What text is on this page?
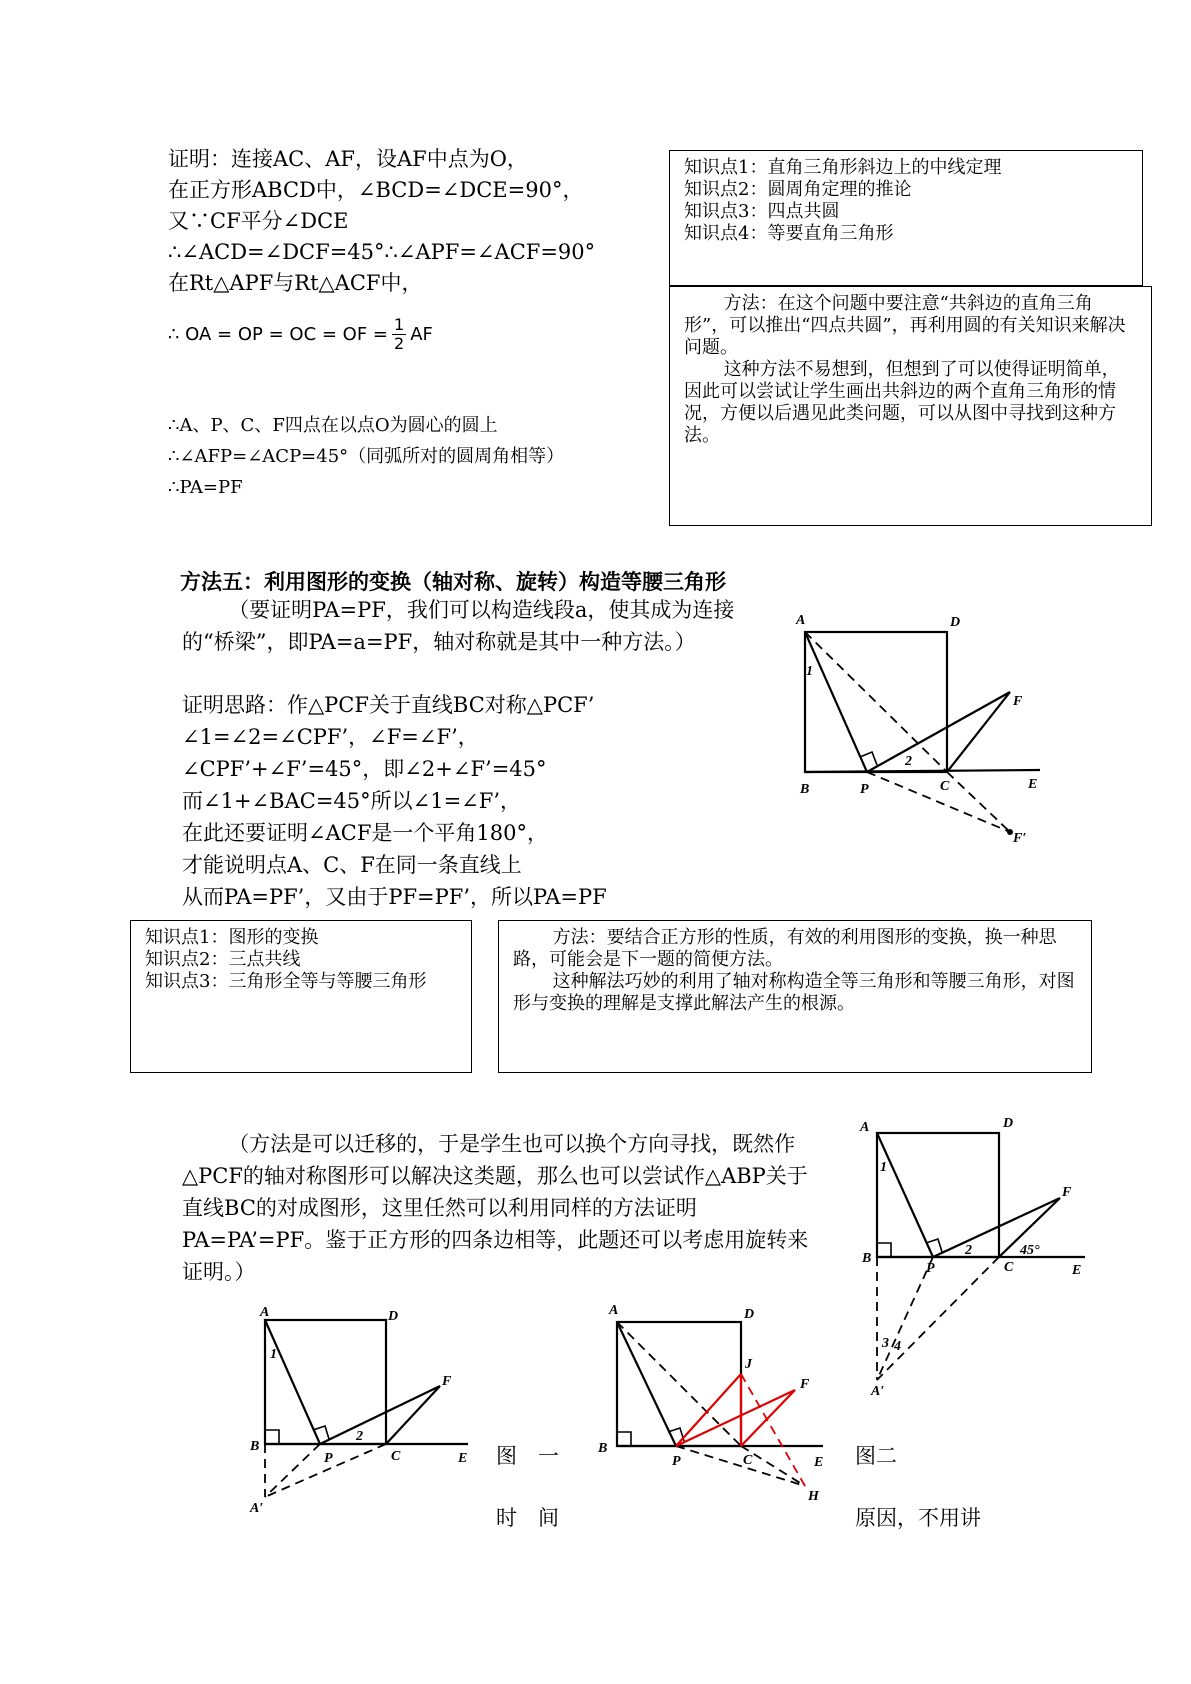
证明：连接AC、AF，设AF中点为O，
在正方形ABCD中，∠BCD=∠DCE=90°，
又∵CF平分∠DCE
∴∠ACD=∠DCF=45°∴∠APF=∠ACF=90°
在Rt△APF与Rt△ACF中，
∴ OA = OP = OC = OF = $\frac{1}{2}$ AF
∴A、P、C、F四点在以点O为圆心的圆上
∴∠AFP=∠ACP=45°（同弧所对的圆周角相等）
∴PA=PF
知识点1：直角三角形斜边上的中线定理
知识点2：圆周角定理的推论
知识点3：四点共圆
知识点4：等要直角三角形
方法：在这个问题中要注意“共斜边的直角三角形”，可以推出“四点共圆”，再利用圆的有关知识来解决问题。
这种方法不易想到，但想到了可以使得证明简单，因此可以尝试让学生画出共斜边的两个直角三角形的情况，方便以后遇见此类问题，可以从图中寻找到这种方法。
方法五：利用图形的变换（轴对称、旋转）构造等腰三角形
（要证明PA=PF，我们可以构造线段a，使其成为连接的“桥梁”，即PA=a=PF，轴对称就是其中一种方法。）
证明思路：作△PCF关于直线BC对称△PCF’
∠1=∠2=∠CPF’，∠F=∠F’，
∠CPF’+∠F’=45°，即∠2+∠F’=45°
而∠1+∠BAC=45°所以∠1=∠F’，
在此还要证明∠ACF是一个平角180°，
才能说明点A、C、F在同一条直线上
从而PA=PF’，又由于PF=PF’，所以PA=PF
A	D
F
B	P	C	E
F′
1
2
知识点1：图形的变换
知识点2：三点共线
知识点3：三角形全等与等腰三角形
方法：要结合正方形的性质，有效的利用图形的变换，换一种思路，可能会是下一题的简便方法。
这种解法巧妙的利用了轴对称构造全等三角形和等腰三角形，对图形与变换的理解是支撑此解法产生的根源。
（方法是可以迁移的，于是学生也可以换个方向寻找，既然作△PCF的轴对称图形可以解决这类题，那么也可以尝试作△ABP关于直线BC的对成图形，这里任然可以利用同样的方法证明PA=PA’=PF。鉴于正方形的四条边相等，此题还可以考虑用旋转来证明。）
A	D
F
B
P	C	E
45°
1
2
3 4
A′
A	D
F
B
P	C	E
1
2
A′
A	D
J
F
B
P	C	E
H
图　一
时　间
图二
原因，不用讲
